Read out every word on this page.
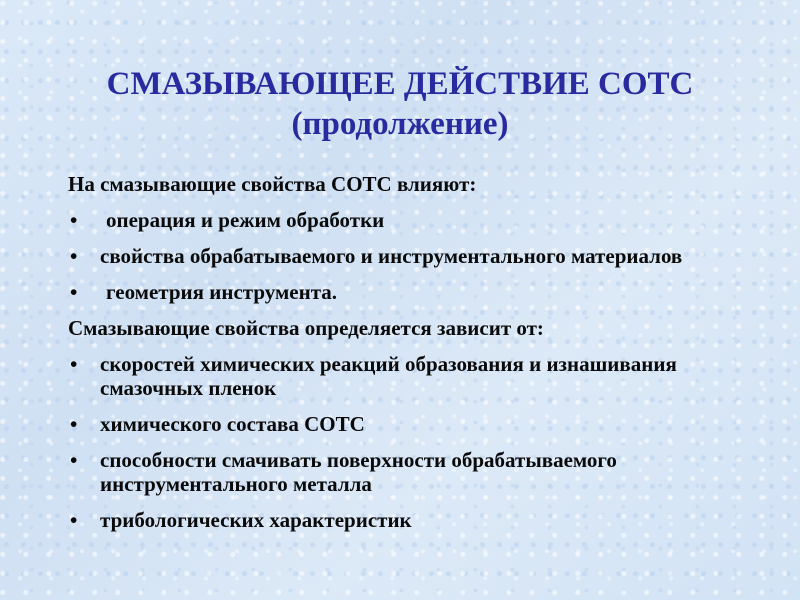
СМАЗЫВАЮЩЕЕ ДЕЙСТВИЕ СОТС
(продолжение)

На смазывающие свойства СОТС влияют:

• операция и режим обработки
• свойства обрабатываемого и инструментального материалов
• геометрия инструмента.

Смазывающие свойства определяется зависит от:

• скоростей химических реакций образования и изнашивания смазочных пленок
• химического состава СОТС
• способности смачивать поверхности обрабатываемого инструментального металла
• трибологических характеристик
